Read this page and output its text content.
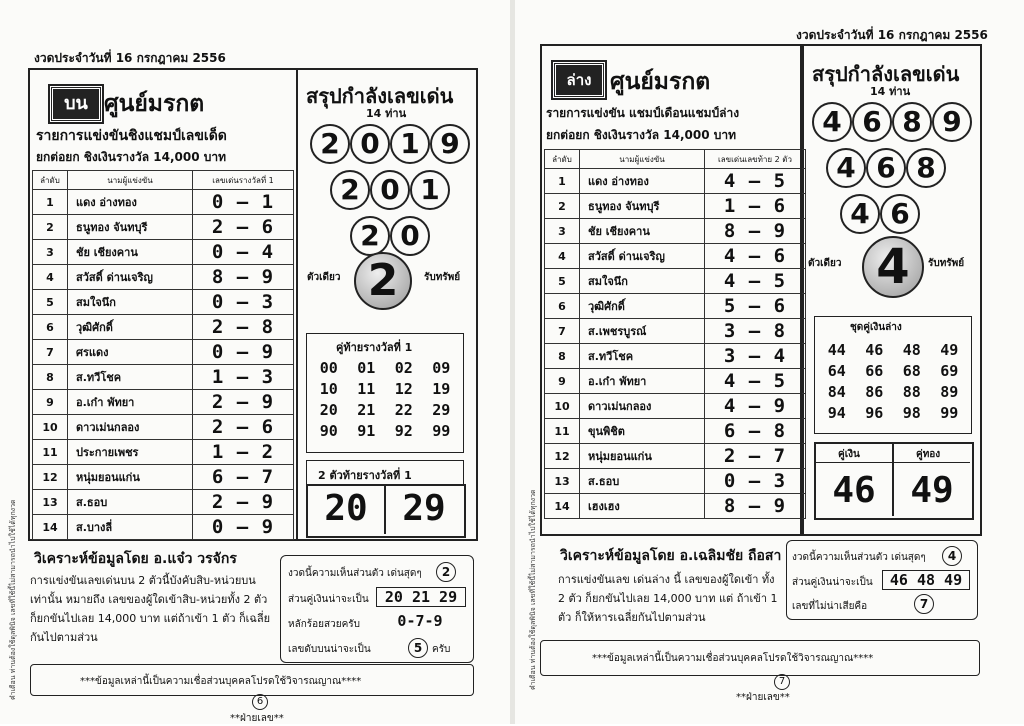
งวดประจำวันที่ 16 กรกฎาคม 2556
บน ศูนย์มรกต
รายการแข่งขันชิงแชมป์เลขเด็ด
ยกต่อยก ชิงเงินรางวัล 14,000 บาท
ลำดับ	นามผู้แข่งขัน	เลขเด่นรางวัลที่ 1
1	แดง อ่างทอง	0 – 1
2	ธนูทอง จันทบุรี	2 – 6
3	ชัย เชียงคาน	0 – 4
4	สวัสดิ์ ด่านเจริญ	8 – 9
5	สมใจนึก	0 – 3
6	วุฒิศักดิ์	2 – 8
7	ศรแดง	0 – 9
8	ส.ทวีโชค	1 – 3
9	อ.เก๋า พัทยา	2 – 9
10	ดาวเม่นกลอง	2 – 6
11	ประกายเพชร	1 – 2
12	หนุ่มยอนแก่น	6 – 7
13	ส.ธอบ	2 – 9
14	ส.บางลี่	0 – 9
สรุปกำลังเลขเด่น
14 ท่าน
2 0 1 9
2 0 1
2 0
ตัวเดียว 2	รับทรัพย์
คู่ท้ายรางวัลที่ 1
00	01	02	09
10	11	12	19
20	21	22	29
90	91	92	99
2 ตัวท้ายรางวัลที่ 1
20 29
วิเคราะห์ข้อมูลโดย อ.แจ๋ว วรจักร
การแข่งขันเลขเด่นบน 2 ตัวนี้บังคับสิบ-หน่วยบน เท่านั้น หมายถึง เลขของผู้ใดเข้าสิบ-หน่วยทั้ง 2 ตัว ก็ยกขันไปเลย 14,000 บาท แต่ถ้าเข้า 1 ตัว ก็เฉลี่ยกันไปตามส่วน
งวดนี้ความเห็นส่วนตัว เด่นสุดๆ	2
ส่วนคู่เงินน่าจะเป็น	20 21 29
หลักร้อยสวยครับ	0-7-9
เลขดับบนน่าจะเป็น	5 ครับ
***ข้อมูลเหล่านี้เป็นความเชื่อส่วนบุคคลโปรดใช้วิจารณญาณ****
6
**ฝ่ายเลข**
คำเตือน ท่านต้องใช้ดุลพินิจ เลขที่ใช้นี้ไม่สามารถนำไปใช้ได้ทุกงวด
งวดประจำวันที่ 16 กรกฎาคม 2556
ล่าง ศูนย์มรกต
รายการแข่งขัน แชมป์เดือนแชมป์ล่าง
ยกต่อยก ชิงเงินรางวัล 14,000 บาท
ลำดับ	นามผู้แข่งขัน	เลขเด่นเลขท้าย 2 ตัว
1	แดง อ่างทอง	4 – 5
2	ธนูทอง จันทบุรี	1 – 6
3	ชัย เชียงคาน	8 – 9
4	สวัสดิ์ ด่านเจริญ	4 – 6
5	สมใจนึก	4 – 5
6	วุฒิศักดิ์	5 – 6
7	ส.เพชรบูรณ์	3 – 8
8	ส.ทวีโชค	3 – 4
9	อ.เก๋า พัทยา	4 – 5
10	ดาวเม่นกลอง	4 – 9
11	ขุนพิชิต	6 – 8
12	หนุ่มยอนแก่น	2 – 7
13	ส.ธอบ	0 – 3
14	เฮงเฮง	8 – 9
สรุปกำลังเลขเด่น
14 ท่าน
4 6 8 9
4 6 8
4 6
ตัวเดียว 4	รับทรัพย์
ชุดคู่เงินล่าง
44	46	48	49
64	66	68	69
84	86	88	89
94	96	98	99
คู่เงิน	คู่ทอง
46 49
วิเคราะห์ข้อมูลโดย อ.เฉลิมชัย ถือสา
การแข่งขันเลข เด่นล่าง นี้ เลขของผู้ใดเข้า ทั้ง 2 ตัว ก็ยกขันไปเลย 14,000 บาท แต่ ถ้าเข้า 1 ตัว ก็ให้หารเฉลี่ยกันไปตามส่วน
งวดนี้ความเห็นส่วนตัว เด่นสุดๆ	4
ส่วนคู่เงินน่าจะเป็น	46 48 49
เลขที่ไม่น่าเสียคือ	7
***ข้อมูลเหล่านี้เป็นความเชื่อส่วนบุคคลโปรดใช้วิจารณญาณ****
7
**ฝ่ายเลข**
คำเตือน ท่านต้องใช้ดุลพินิจ เลขที่ใช้นี้ไม่สามารถนำไปใช้ได้ทุกงวด
